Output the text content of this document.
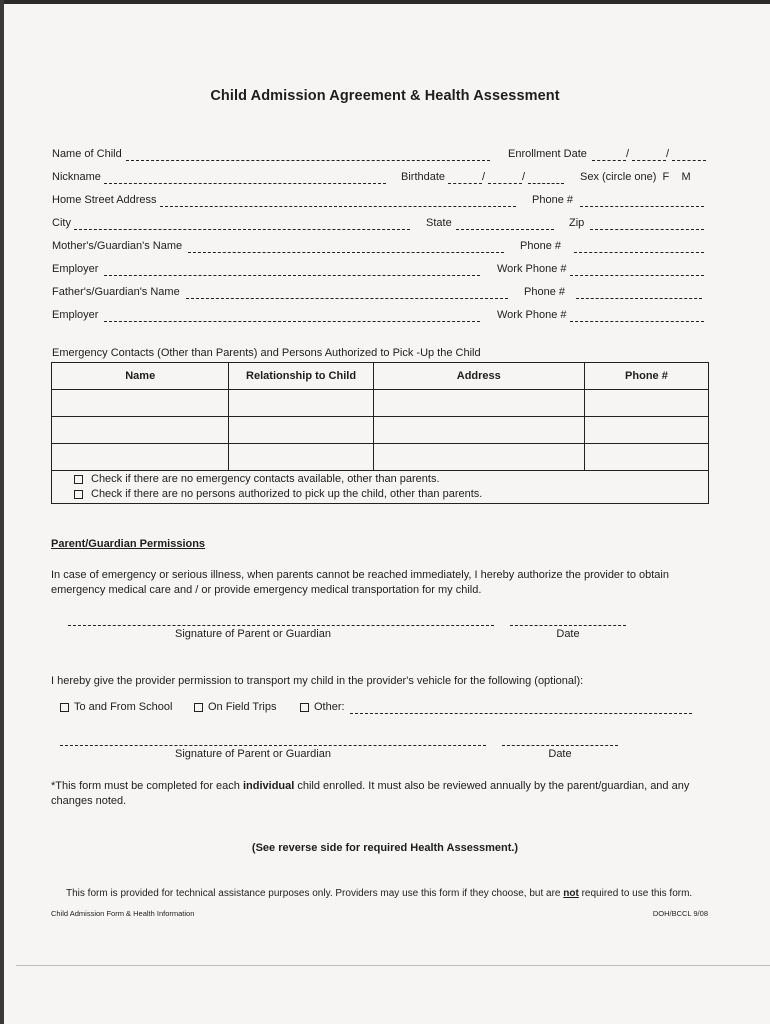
Child Admission Agreement & Health Assessment
Name of Child	Enrollment Date	/	/
Nickname	Birthdate	/	/	Sex (circle one)  F    M
Home Street Address	Phone #
City	State	Zip
Mother's/Guardian's Name	Phone #
Employer	Work Phone #
Father's/Guardian's Name	Phone #
Employer	Work Phone #
Emergency Contacts (Other than Parents) and Persons Authorized to Pick -Up the Child
Name	Relationship to Child	Address	Phone #

Check if there are no emergency contacts available, other than parents.
Check if there are no persons authorized to pick up the child, other than parents.
Parent/Guardian Permissions
In case of emergency or serious illness, when parents cannot be reached immediately, I hereby authorize the provider to obtain emergency medical care and / or provide emergency medical transportation for my child.
Signature of Parent or Guardian	Date
I hereby give the provider permission to transport my child in the provider's vehicle for the following (optional):
To and From School	On Field Trips	Other:
Signature of Parent or Guardian	Date
*This form must be completed for each individual child enrolled. It must also be reviewed annually by the parent/guardian, and any changes noted.
(See reverse side for required Health Assessment.)
This form is provided for technical assistance purposes only. Providers may use this form if they choose, but are not required to use this form.
Child Admission Form & Health Information	DOH/BCCL 9/08
